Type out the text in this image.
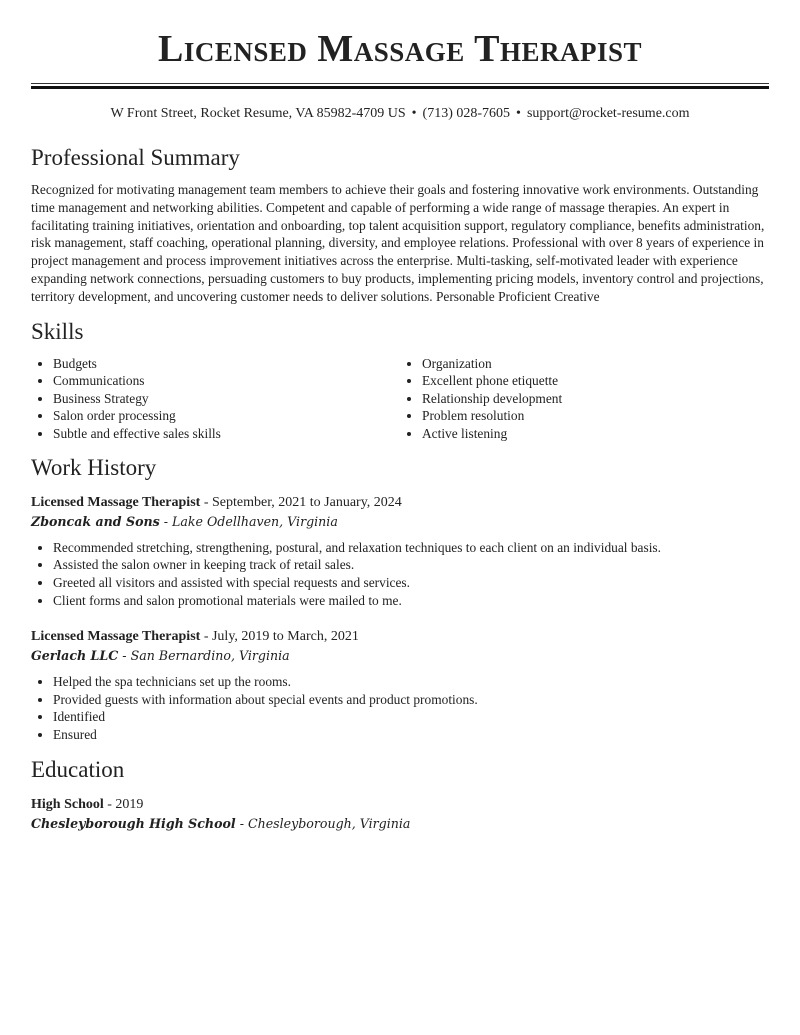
Licensed Massage Therapist
W Front Street, Rocket Resume, VA 85982-4709 US • (713) 028-7605 • support@rocket-resume.com
Professional Summary

Recognized for motivating management team members to achieve their goals and fostering innovative work environments. Outstanding time management and networking abilities. Competent and capable of performing a wide range of massage therapies. An expert in facilitating training initiatives, orientation and onboarding, top talent acquisition support, regulatory compliance, benefits administration, risk management, staff coaching, operational planning, diversity, and employee relations. Professional with over 8 years of experience in project management and process improvement initiatives across the enterprise. Multi-tasking, self-motivated leader with experience expanding network connections, persuading customers to buy products, implementing pricing models, inventory control and projections, territory development, and uncovering customer needs to deliver solutions. Personable Proficient Creative

Skills
• Budgets
• Communications
• Business Strategy
• Salon order processing
• Subtle and effective sales skills
• Organization
• Excellent phone etiquette
• Relationship development
• Problem resolution
• Active listening
Work History

Licensed Massage Therapist - September, 2021 to January, 2024

Zboncak and Sons - Lake Odellhaven, Virginia

• Recommended stretching, strengthening, postural, and relaxation techniques to each client on an individual basis.
• Assisted the salon owner in keeping track of retail sales.
• Greeted all visitors and assisted with special requests and services.
• Client forms and salon promotional materials were mailed to me.

Licensed Massage Therapist - July, 2019 to March, 2021

Gerlach LLC - San Bernardino, Virginia

• Helped the spa technicians set up the rooms.
• Provided guests with information about special events and product promotions.
• Identified
• Ensured
Education

High School - 2019

Chesleyborough High School - Chesleyborough, Virginia
